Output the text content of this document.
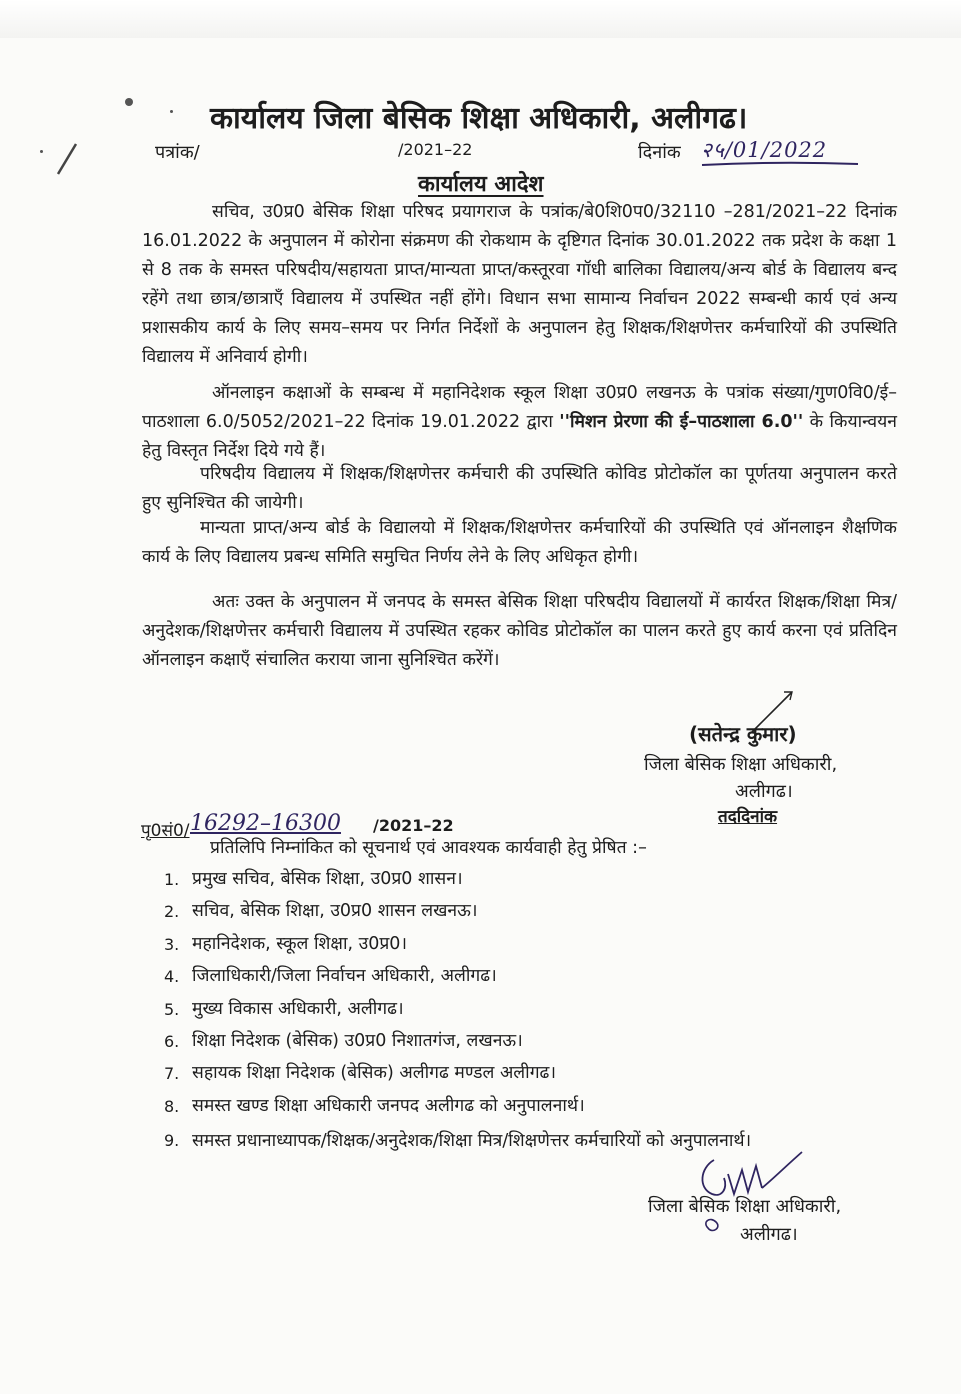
कार्यालय जिला बेसिक शिक्षा अधिकारी, अलीगढ।
पत्रांक/	/2021–22	दिनांक २५/01/2022
कार्यालय आदेश
सचिव, उ0प्र0 बेसिक शिक्षा परिषद प्रयागराज के पत्रांक/बे0शि0प0/32110 –281/2021–22 दिनांक 16.01.2022 के अनुपालन में कोरोना संक्रमण की रोकथाम के दृष्टिगत दिनांक 30.01.2022 तक प्रदेश के कक्षा 1 से 8 तक के समस्त परिषदीय/सहायता प्राप्त/मान्यता प्राप्त/कस्तूरवा गॉधी बालिका विद्यालय/अन्य बोर्ड के विद्यालय बन्द रहेंगे तथा छात्र/छात्राएँ विद्यालय में उपस्थित नहीं होंगे। विधान सभा सामान्य निर्वाचन 2022 सम्बन्धी कार्य एवं अन्य प्रशासकीय कार्य के लिए समय–समय पर निर्गत निर्देशों के अनुपालन हेतु शिक्षक/शिक्षणेत्तर कर्मचारियों की उपस्थिति विद्यालय में अनिवार्य होगी।
ऑनलाइन कक्षाओं के सम्बन्ध में महानिदेशक स्कूल शिक्षा उ0प्र0 लखनऊ के पत्रांक संख्या/गुण0वि0/ई–पाठशाला 6.0/5052/2021–22 दिनांक 19.01.2022 द्वारा ''मिशन प्रेरणा की ई–पाठशाला 6.0'' के कियान्वयन हेतु विस्तृत निर्देश दिये गये हैं।
परिषदीय विद्यालय में शिक्षक/शिक्षणेत्तर कर्मचारी की उपस्थिति कोविड प्रोटोकॉल का पूर्णतया अनुपालन करते हुए सुनिश्चित की जायेगी।
मान्यता प्राप्त/अन्य बोर्ड के विद्यालयो में शिक्षक/शिक्षणेत्तर कर्मचारियों की उपस्थिति एवं ऑनलाइन शैक्षणिक कार्य के लिए विद्यालय प्रबन्ध समिति समुचित निर्णय लेने के लिए अधिकृत होगी।
अतः उक्त के अनुपालन में जनपद के समस्त बेसिक शिक्षा परिषदीय विद्यालयों में कार्यरत शिक्षक/शिक्षा मित्र/अनुदेशक/शिक्षणेत्तर कर्मचारी विद्यालय में उपस्थित रहकर कोविड प्रोटोकॉल का पालन करते हुए कार्य करना एवं प्रतिदिन ऑनलाइन कक्षाएँ संचालित कराया जाना सुनिश्चित करेंगें।
(सतेन्द्र कुमार)
जिला बेसिक शिक्षा अधिकारी,
अलीगढ।
तददिनांक
पृ0सं0/ 16292–16300 /2021–22
प्रतिलिपि निम्नांकित को सूचनार्थ एवं आवश्यक कार्यवाही हेतु प्रेषित :–
1. प्रमुख सचिव, बेसिक शिक्षा, उ0प्र0 शासन।
2. सचिव, बेसिक शिक्षा, उ0प्र0 शासन लखनऊ।
3. महानिदेशक, स्कूल शिक्षा, उ0प्र0।
4. जिलाधिकारी/जिला निर्वाचन अधिकारी, अलीगढ।
5. मुख्य विकास अधिकारी, अलीगढ।
6. शिक्षा निदेशक (बेसिक) उ0प्र0 निशातगंज, लखनऊ।
7. सहायक शिक्षा निदेशक (बेसिक) अलीगढ मण्डल अलीगढ।
8. समस्त खण्ड शिक्षा अधिकारी जनपद अलीगढ को अनुपालनार्थ।
9. समस्त प्रधानाध्यापक/शिक्षक/अनुदेशक/शिक्षा मित्र/शिक्षणेत्तर कर्मचारियों को अनुपालनार्थ।
जिला बेसिक शिक्षा अधिकारी,
अलीगढ।
